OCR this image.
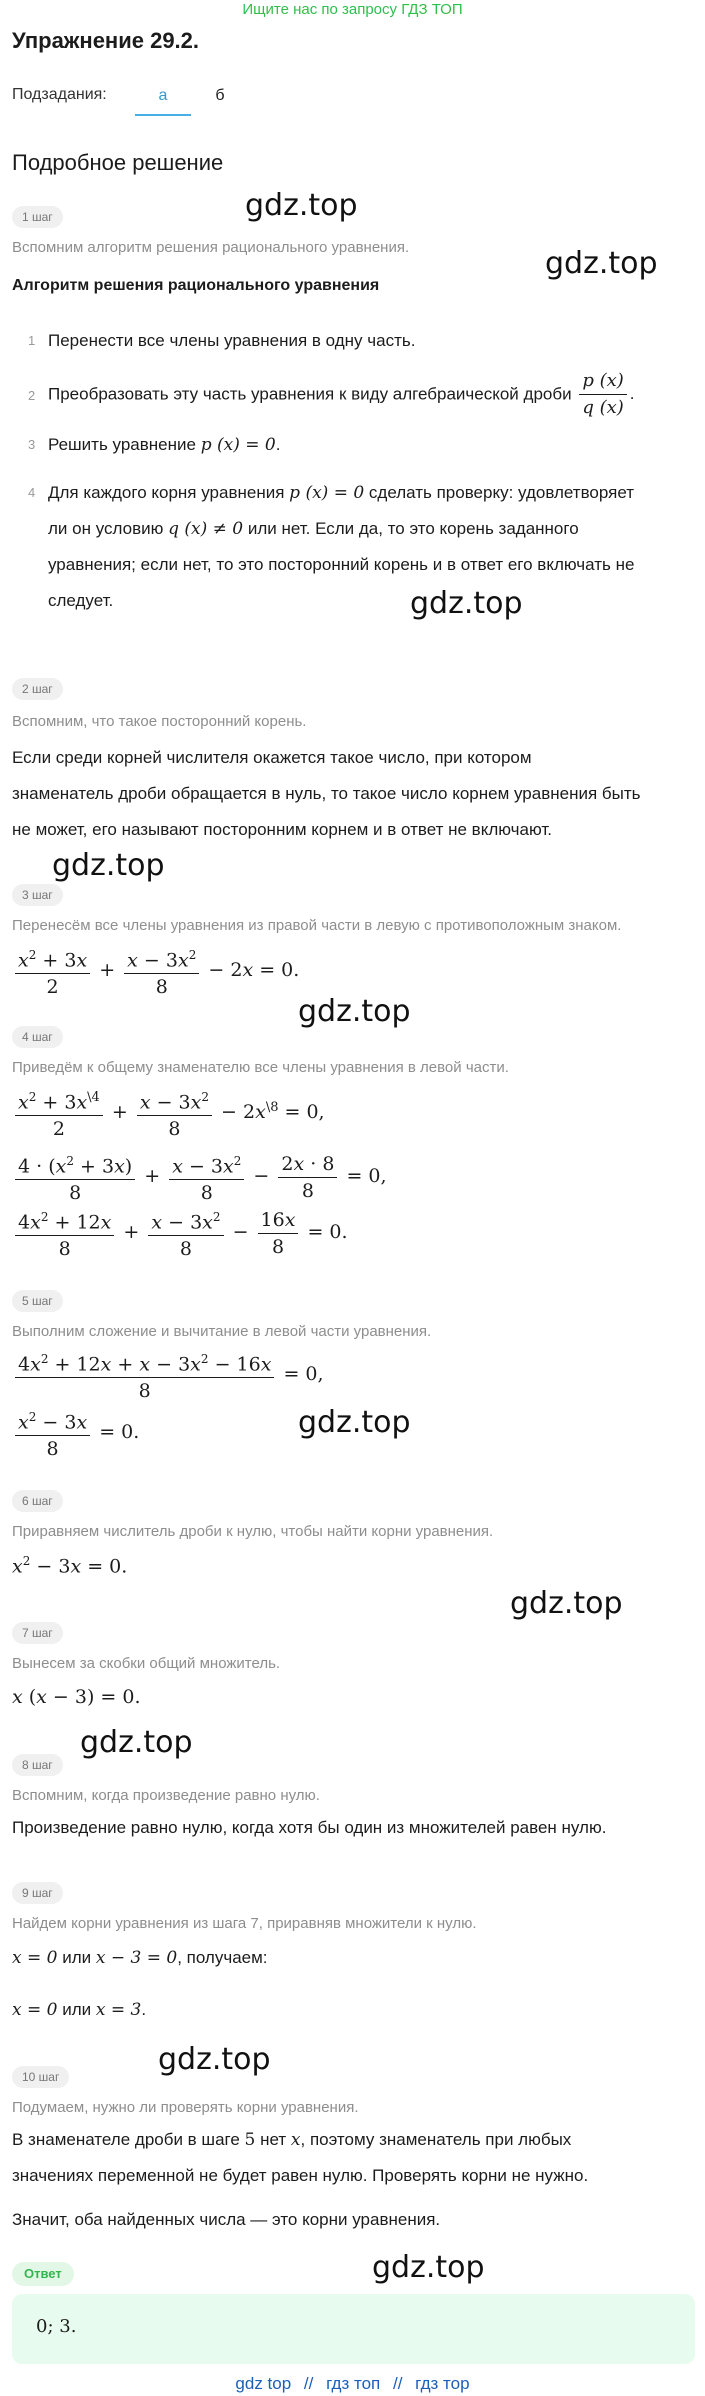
Ищите нас по запросу ГДЗ ТОП
Упражнение 29.2.
Подзадания:	а	б
Подробное решение
gdz.top
gdz.top
gdz.top
gdz.top
gdz.top
gdz.top
gdz.top
gdz.top
gdz.top
gdz.top
1 шаг
Вспомним алгоритм решения рационального уравнения.
Алгоритм решения рационального уравнения
1 Перенести все члены уравнения в одну часть.
2 Преобразовать эту часть уравнения к виду алгебраической дроби $\frac{p (x)}{q (x)}$ .
3 Решить уравнение p (x) = 0.
4 Для каждого корня уравнения p (x) = 0 сделать проверку: удовлетворяет
ли он условию q (x) ≠ 0 или нет. Если да, то это корень заданного
уравнения; если нет, то это посторонний корень и в ответ его включать не
следует.
2 шаг
Вспомним, что такое посторонний корень.
Если среди корней числителя окажется такое число, при котором
знаменатель дроби обращается в нуль, то такое число корнем уравнения быть
не может, его называют посторонним корнем и в ответ не включают.
3 шаг
Перенесём все члены уравнения из правой части в левую с противоположным знаком.
$\frac{x^2 + 3x}{2} + \frac{x - 3x^2}{8} - 2x = 0$.
4 шаг
Приведём к общему знаменателю все члены уравнения в левой части.
$\frac{x^2 + 3x^{\backslash 4}}{2} + \frac{x - 3x^2}{8} - 2x^{\backslash 8} = 0$,
$\frac{4 \cdot (x^2 + 3x)}{8} + \frac{x - 3x^2}{8} - \frac{2x \cdot 8}{8} = 0$,
$\frac{4x^2 + 12x}{8} + \frac{x - 3x^2}{8} - \frac{16x}{8} = 0$.
5 шаг
Выполним сложение и вычитание в левой части уравнения.
$\frac{4x^2 + 12x + x - 3x^2 - 16x}{8} = 0$,
$\frac{x^2 - 3x}{8} = 0$.
6 шаг
Приравняем числитель дроби к нулю, чтобы найти корни уравнения.
$x^2 - 3x = 0$.
7 шаг
Вынесем за скобки общий множитель.
x (x − 3) = 0.
8 шаг
Вспомним, когда произведение равно нулю.
Произведение равно нулю, когда хотя бы один из множителей равен нулю.
9 шаг
Найдем корни уравнения из шага 7, приравняв множители к нулю.
x = 0 или x − 3 = 0, получаем:
x = 0 или x = 3.
10 шаг
Подумаем, нужно ли проверять корни уравнения.
В знаменателе дроби в шаге 5 нет x, поэтому знаменатель при любых
значениях переменной не будет равен нулю. Проверять корни не нужно.
Значит, оба найденных числа — это корни уравнения.
Ответ
0; 3.
gdz top // гдз топ // гдз тор
